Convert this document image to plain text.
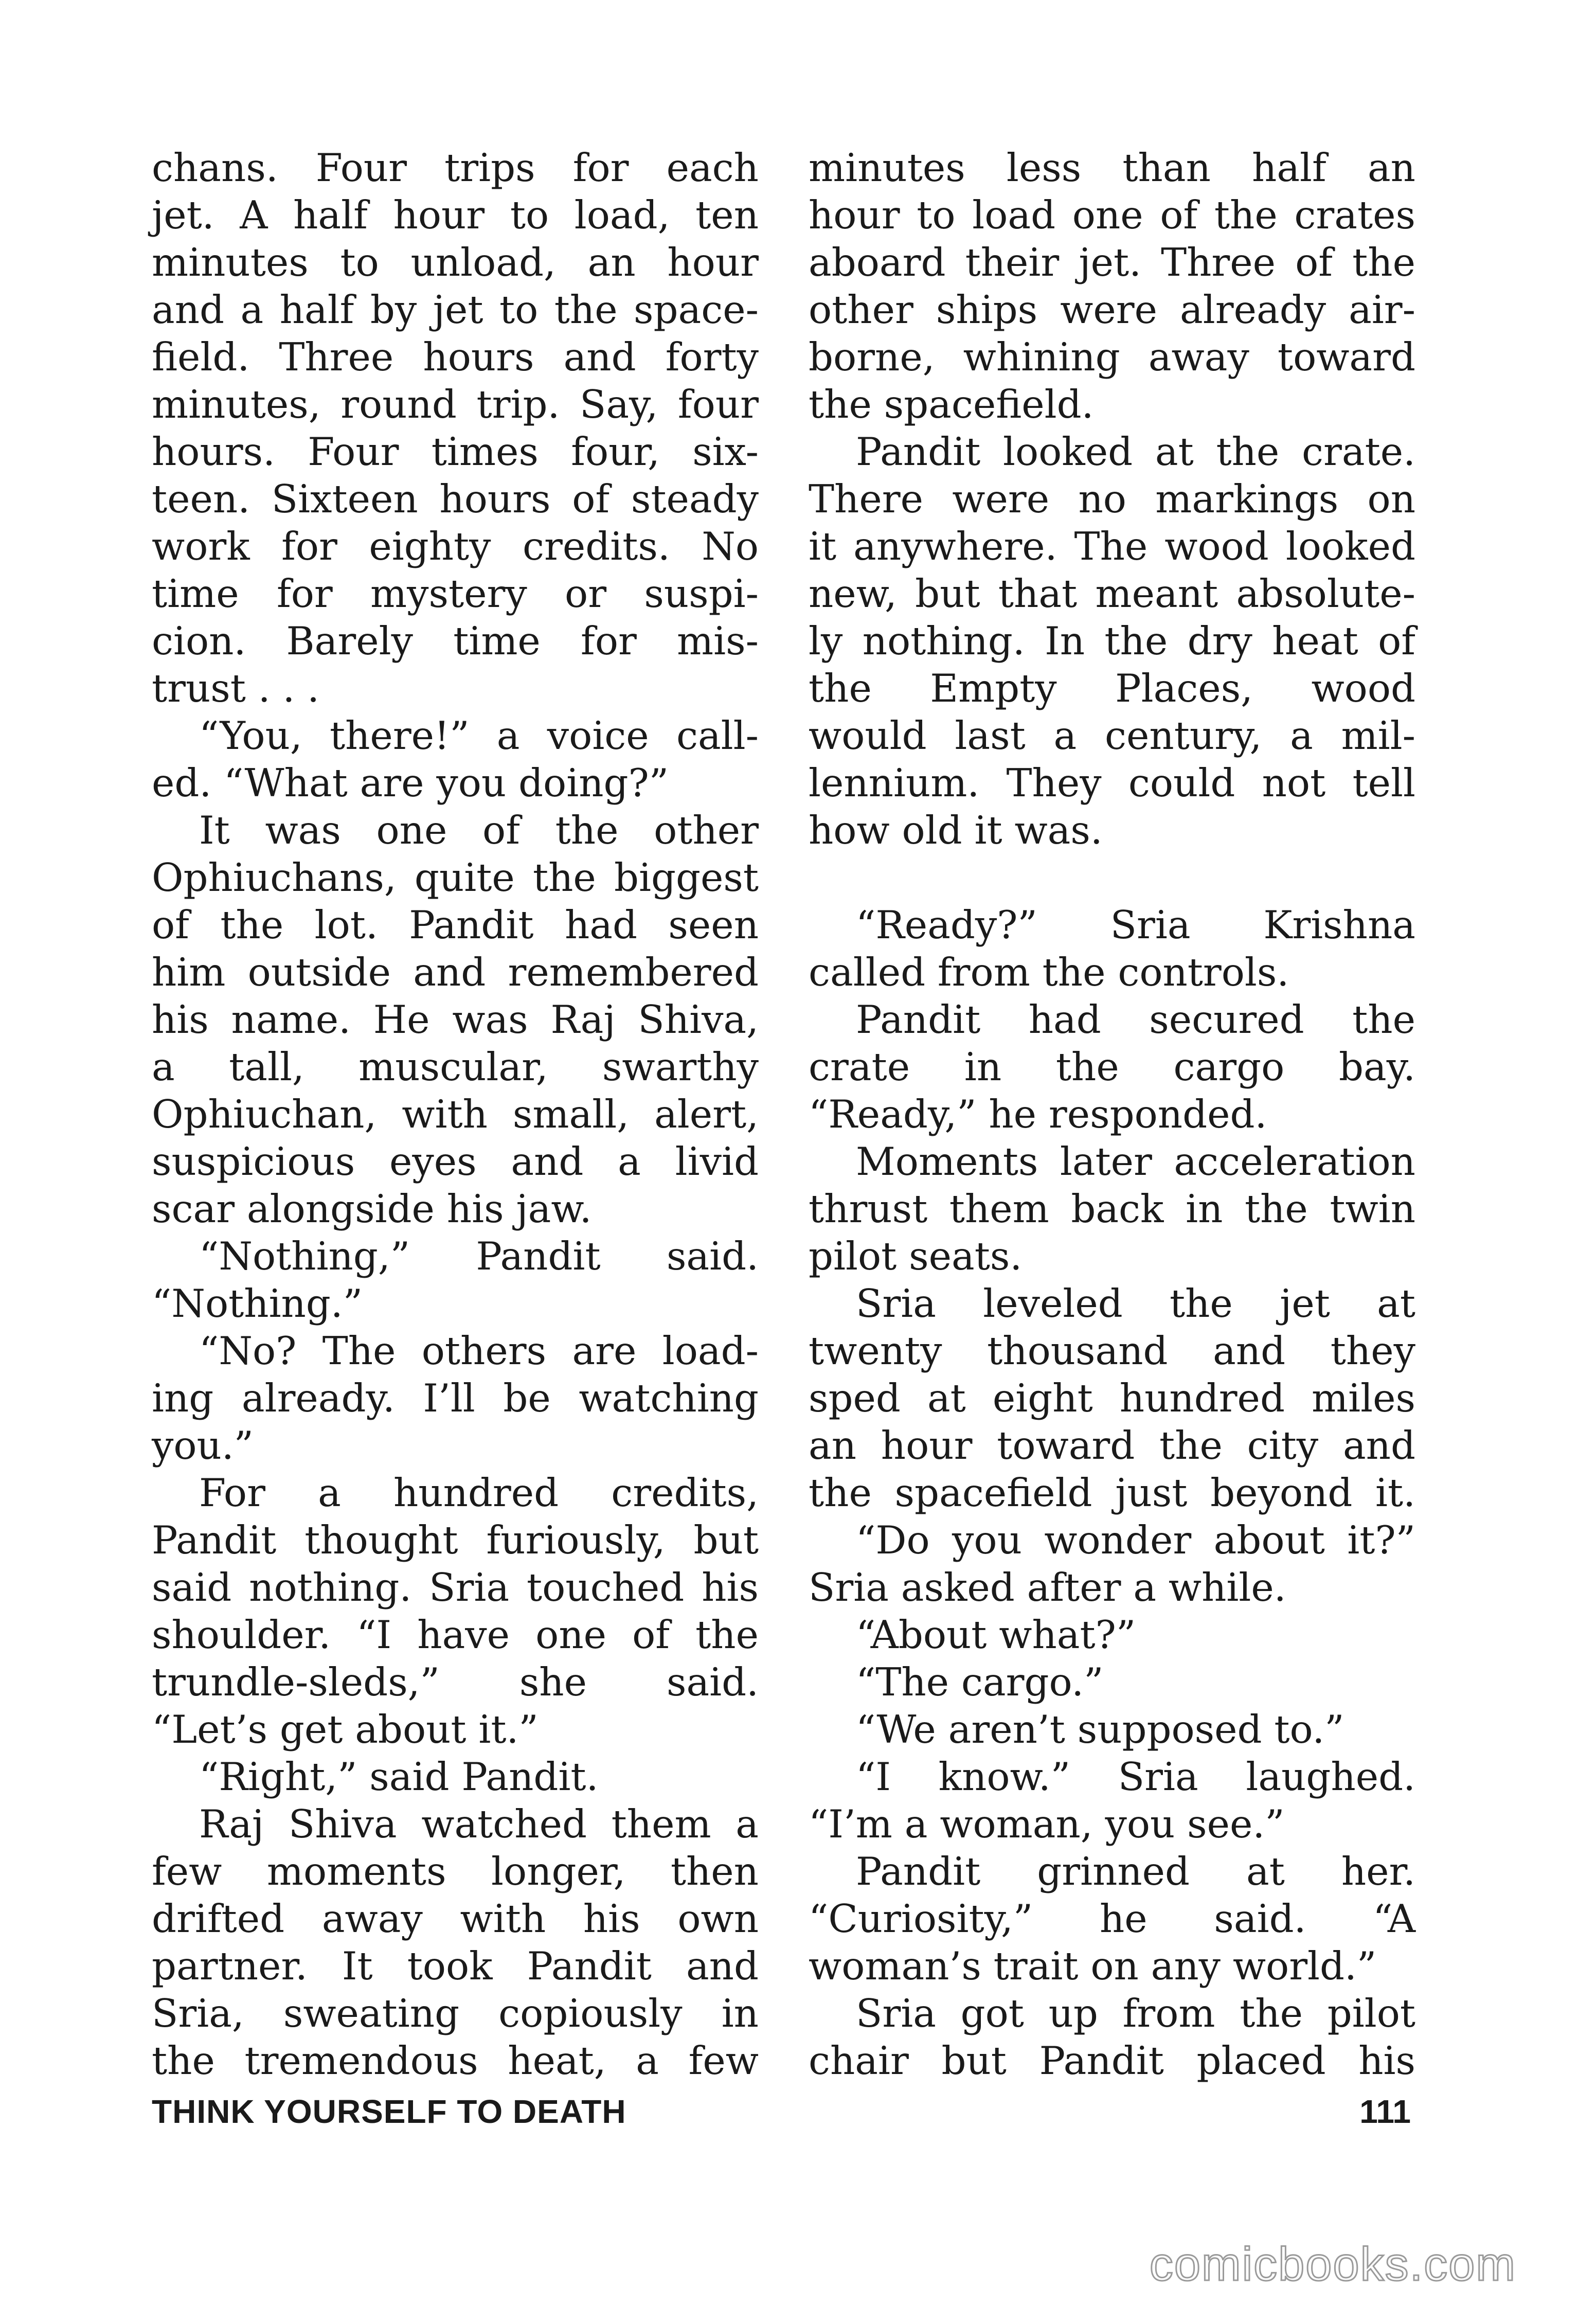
chans. Four trips for each
jet. A half hour to load, ten
minutes to unload, an hour
and a half by jet to the space-
field. Three hours and forty
minutes, round trip. Say, four
hours. Four times four, six-
teen. Sixteen hours of steady
work for eighty credits. No
time for mystery or suspi-
cion. Barely time for mis-
trust . . .
“You, there!” a voice call-
ed. “What are you doing?”
It was one of the other
Ophiuchans, quite the biggest
of the lot. Pandit had seen
him outside and remembered
his name. He was Raj Shiva,
a tall, muscular, swarthy
Ophiuchan, with small, alert,
suspicious eyes and a livid
scar alongside his jaw.
“Nothing,” Pandit said.
“Nothing.”
“No? The others are load-
ing already. I’ll be watching
you.”
For a hundred credits,
Pandit thought furiously, but
said nothing. Sria touched his
shoulder. “I have one of the
trundle-sleds,” she said.
“Let’s get about it.”
“Right,” said Pandit.
Raj Shiva watched them a
few moments longer, then
drifted away with his own
partner. It took Pandit and
Sria, sweating copiously in
the tremendous heat, a few
minutes less than half an
hour to load one of the crates
aboard their jet. Three of the
other ships were already air-
borne, whining away toward
the spacefield.
Pandit looked at the crate.
There were no markings on
it anywhere. The wood looked
new, but that meant absolute-
ly nothing. In the dry heat of
the Empty Places, wood
would last a century, a mil-
lennium. They could not tell
how old it was.
“Ready?” Sria Krishna
called from the controls.
Pandit had secured the
crate in the cargo bay.
“Ready,” he responded.
Moments later acceleration
thrust them back in the twin
pilot seats.
Sria leveled the jet at
twenty thousand and they
sped at eight hundred miles
an hour toward the city and
the spacefield just beyond it.
“Do you wonder about it?”
Sria asked after a while.
“About what?”
“The cargo.”
“We aren’t supposed to.”
“I know.” Sria laughed.
“I’m a woman, you see.”
Pandit grinned at her.
“Curiosity,” he said. “A
woman’s trait on any world.”
Sria got up from the pilot
chair but Pandit placed his
THINK YOURSELF TO DEATH	111
comicbooks.com
